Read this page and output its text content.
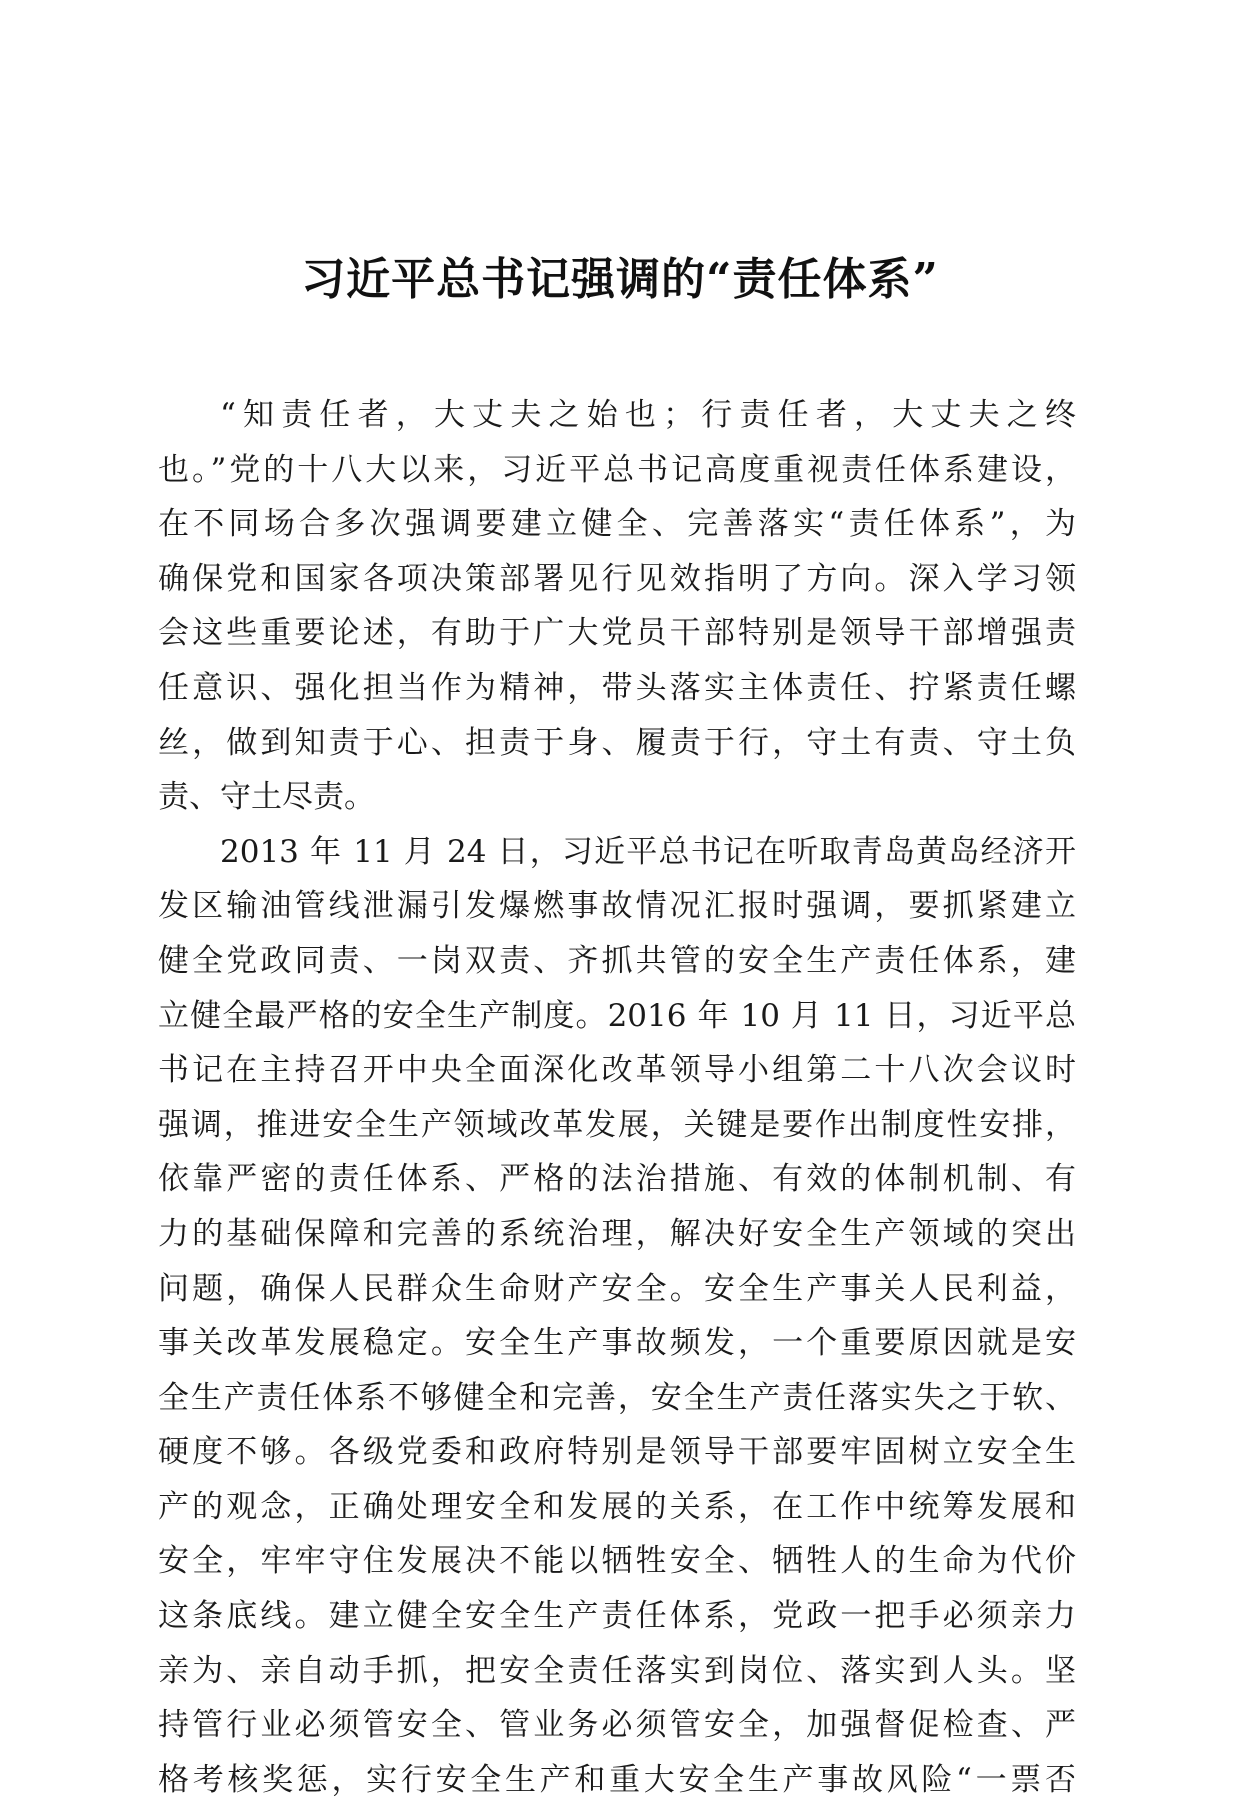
习近平总书记强调的“责任体系”
“知责任者，大丈夫之始也；行责任者，大丈夫之终
也。”党的十八大以来，习近平总书记高度重视责任体系建设，
在不同场合多次强调要建立健全、完善落实“责任体系”，为
确保党和国家各项决策部署见行见效指明了方向。深入学习领
会这些重要论述，有助于广大党员干部特别是领导干部增强责
任意识、强化担当作为精神，带头落实主体责任、拧紧责任螺
丝，做到知责于心、担责于身、履责于行，守土有责、守土负
责、守土尽责。
2013 年 11 月 24 日，习近平总书记在听取青岛黄岛经济开
发区输油管线泄漏引发爆燃事故情况汇报时强调，要抓紧建立
健全党政同责、一岗双责、齐抓共管的安全生产责任体系，建
立健全最严格的安全生产制度。2016 年 10 月 11 日，习近平总
书记在主持召开中央全面深化改革领导小组第二十八次会议时
强调，推进安全生产领域改革发展，关键是要作出制度性安排，
依靠严密的责任体系、严格的法治措施、有效的体制机制、有
力的基础保障和完善的系统治理，解决好安全生产领域的突出
问题，确保人民群众生命财产安全。安全生产事关人民利益，
事关改革发展稳定。安全生产事故频发，一个重要原因就是安
全生产责任体系不够健全和完善，安全生产责任落实失之于软、
硬度不够。各级党委和政府特别是领导干部要牢固树立安全生
产的观念，正确处理安全和发展的关系，在工作中统筹发展和
安全，牢牢守住发展决不能以牺牲安全、牺牲人的生命为代价
这条底线。建立健全安全生产责任体系，党政一把手必须亲力
亲为、亲自动手抓，把安全责任落实到岗位、落实到人头。坚
持管行业必须管安全、管业务必须管安全，加强督促检查、严
格考核奖惩，实行安全生产和重大安全生产事故风险“一票否
